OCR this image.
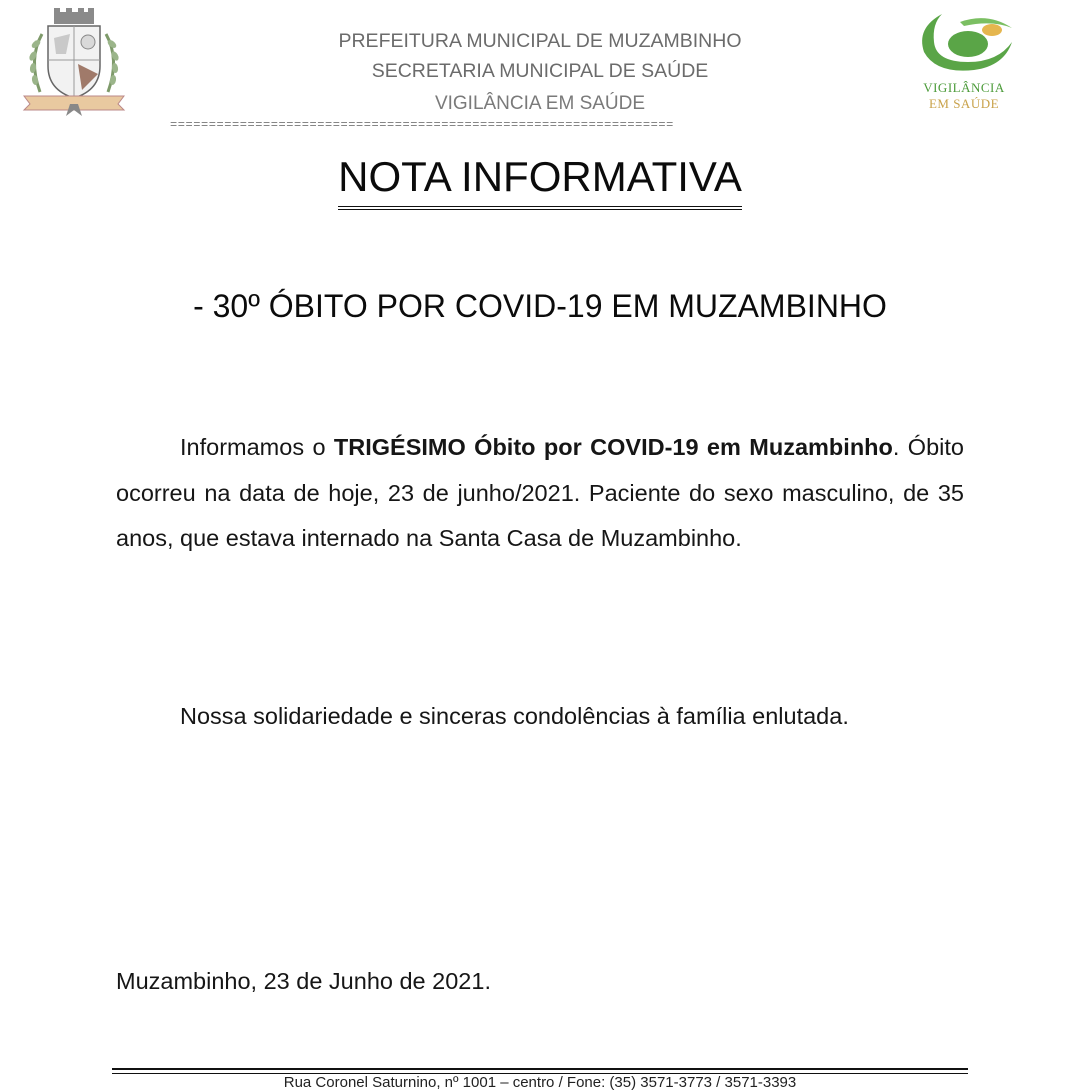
VIGILÂNCIA
EM SAÚDE
PREFEITURA MUNICIPAL DE MUZAMBINHO
SECRETARIA MUNICIPAL DE SAÚDE
VIGILÂNCIA EM SAÚDE
=================================================================
NOTA INFORMATIVA
- 30º ÓBITO POR COVID-19 EM MUZAMBINHO
Informamos o TRIGÉSIMO Óbito por COVID-19 em Muzambinho. Óbito ocorreu na data de hoje, 23 de junho/2021. Paciente do sexo masculino, de 35 anos, que estava internado na Santa Casa de Muzambinho.
Nossa solidariedade e sinceras condolências à família enlutada.
Muzambinho, 23 de Junho de 2021.
Rua Coronel Saturnino, nº 1001 – centro / Fone: (35) 3571-3773 / 3571-3393
